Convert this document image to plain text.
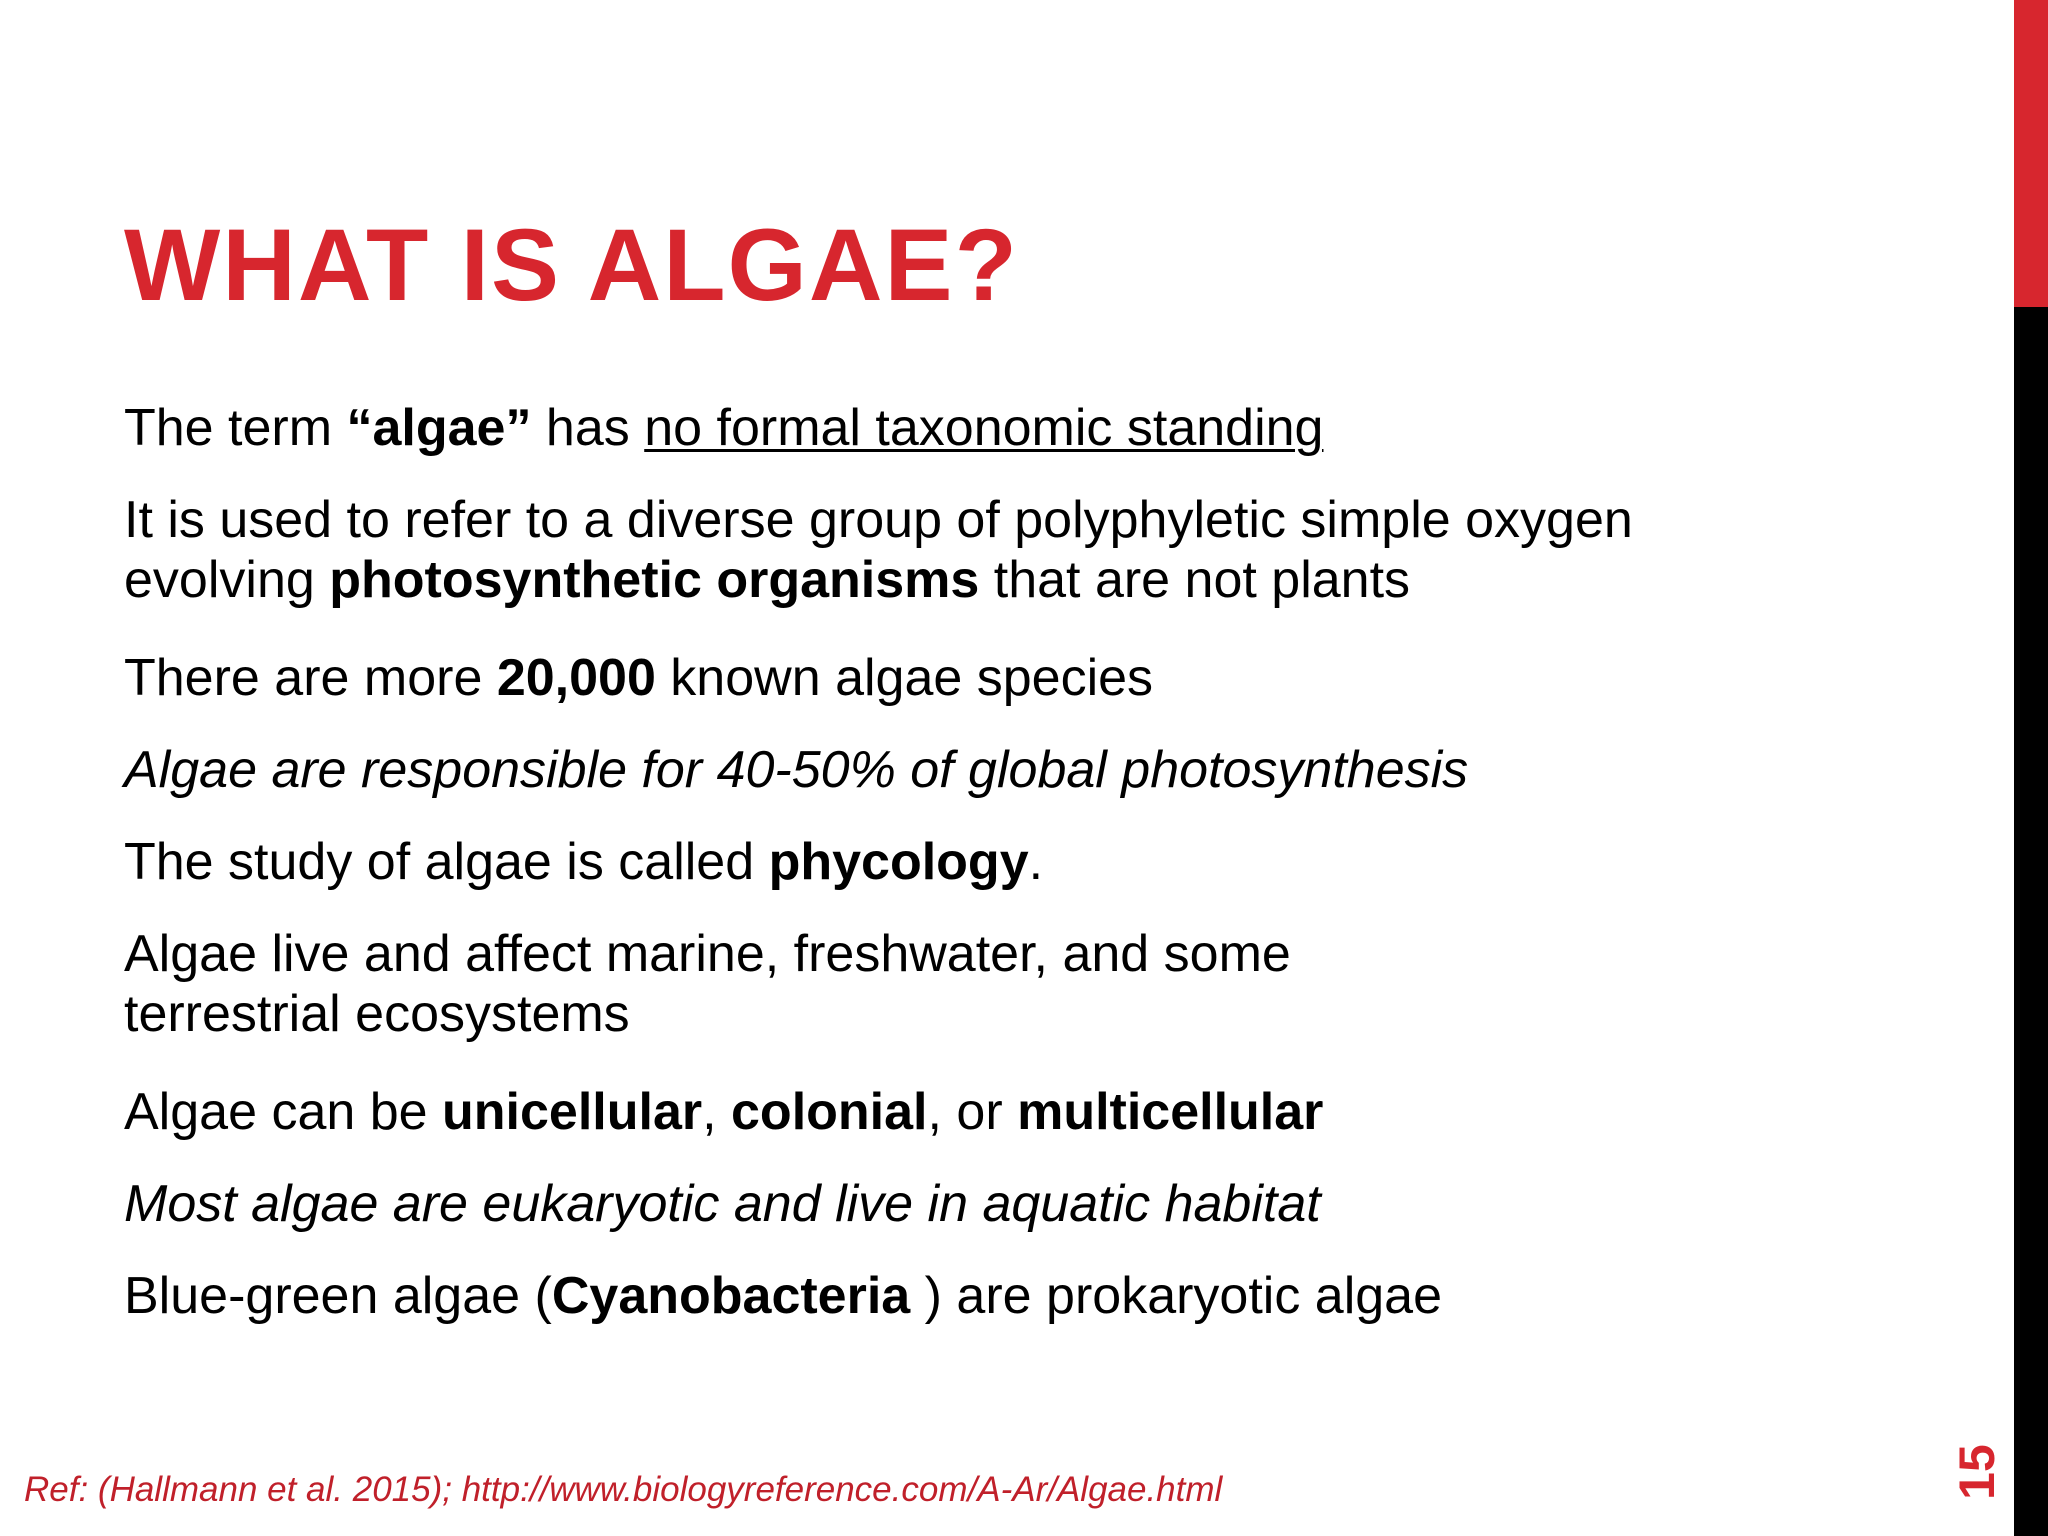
WHAT IS ALGAE?

The term “algae” has no formal taxonomic standing

It is used to refer to a diverse group of polyphyletic simple oxygen
evolving photosynthetic organisms that are not plants

There are more 20,000 known algae species

Algae are responsible for 40-50% of global photosynthesis

The study of algae is called phycology.

Algae live and affect marine, freshwater, and some
terrestrial ecosystems

Algae can be unicellular, colonial, or multicellular

Most algae are eukaryotic and live in aquatic habitat

Blue-green algae (Cyanobacteria ) are prokaryotic algae

Ref: (Hallmann et al. 2015); http://www.biologyreference.com/A-Ar/Algae.html	15
